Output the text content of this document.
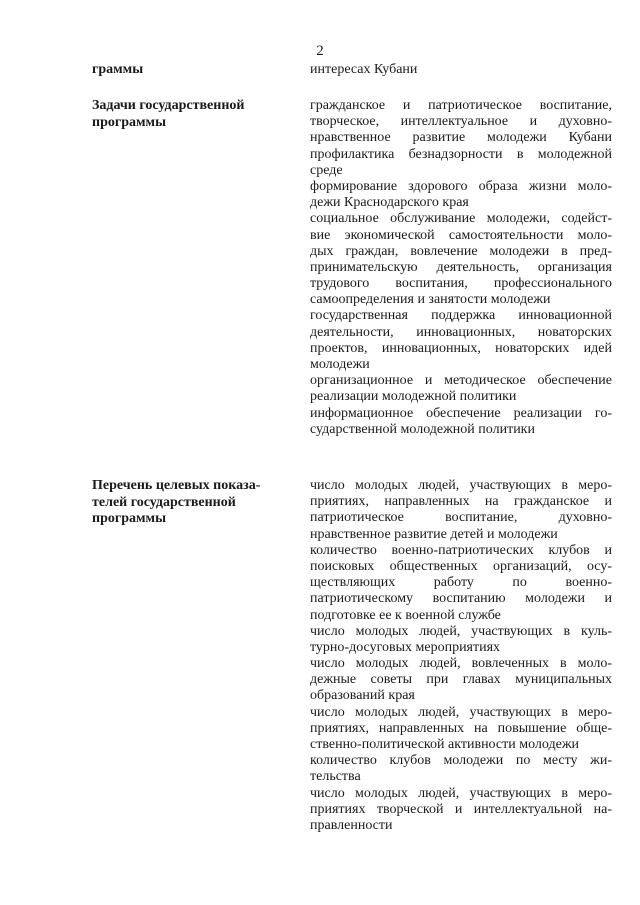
2
граммы	интересах Кубани
Задачи государственной
программы
гражданское и патриотическое воспитание,
творческое, интеллектуальное и духовно-
нравственное развитие молодежи Кубани
профилактика безнадзорности в молодежной
среде
формирование здорового образа жизни моло-
дежи Краснодарского края
социальное обслуживание молодежи, содейст-
вие экономической самостоятельности моло-
дых граждан, вовлечение молодежи в пред-
принимательскую деятельность, организация
трудового воспитания, профессионального
самоопределения и занятости молодежи
государственная поддержка инновационной
деятельности, инновационных, новаторских
проектов, инновационных, новаторских идей
молодежи
организационное и методическое обеспечение
реализации молодежной политики
информационное обеспечение реализации го-
сударственной молодежной политики
Перечень целевых показа-
телей государственной
программы
число молодых людей, участвующих в меро-
приятиях, направленных на гражданское и
патриотическое воспитание, духовно-
нравственное развитие детей и молодежи
количество военно-патриотических клубов и
поисковых общественных организаций, осу-
ществляющих работу по военно-
патриотическому воспитанию молодежи и
подготовке ее к военной службе
число молодых людей, участвующих в куль-
турно-досуговых мероприятиях
число молодых людей, вовлеченных в моло-
дежные советы при главах муниципальных
образований края
число молодых людей, участвующих в меро-
приятиях, направленных на повышение обще-
ственно-политической активности молодежи
количество клубов молодежи по месту жи-
тельства
число молодых людей, участвующих в меро-
приятиях творческой и интеллектуальной на-
правленности
